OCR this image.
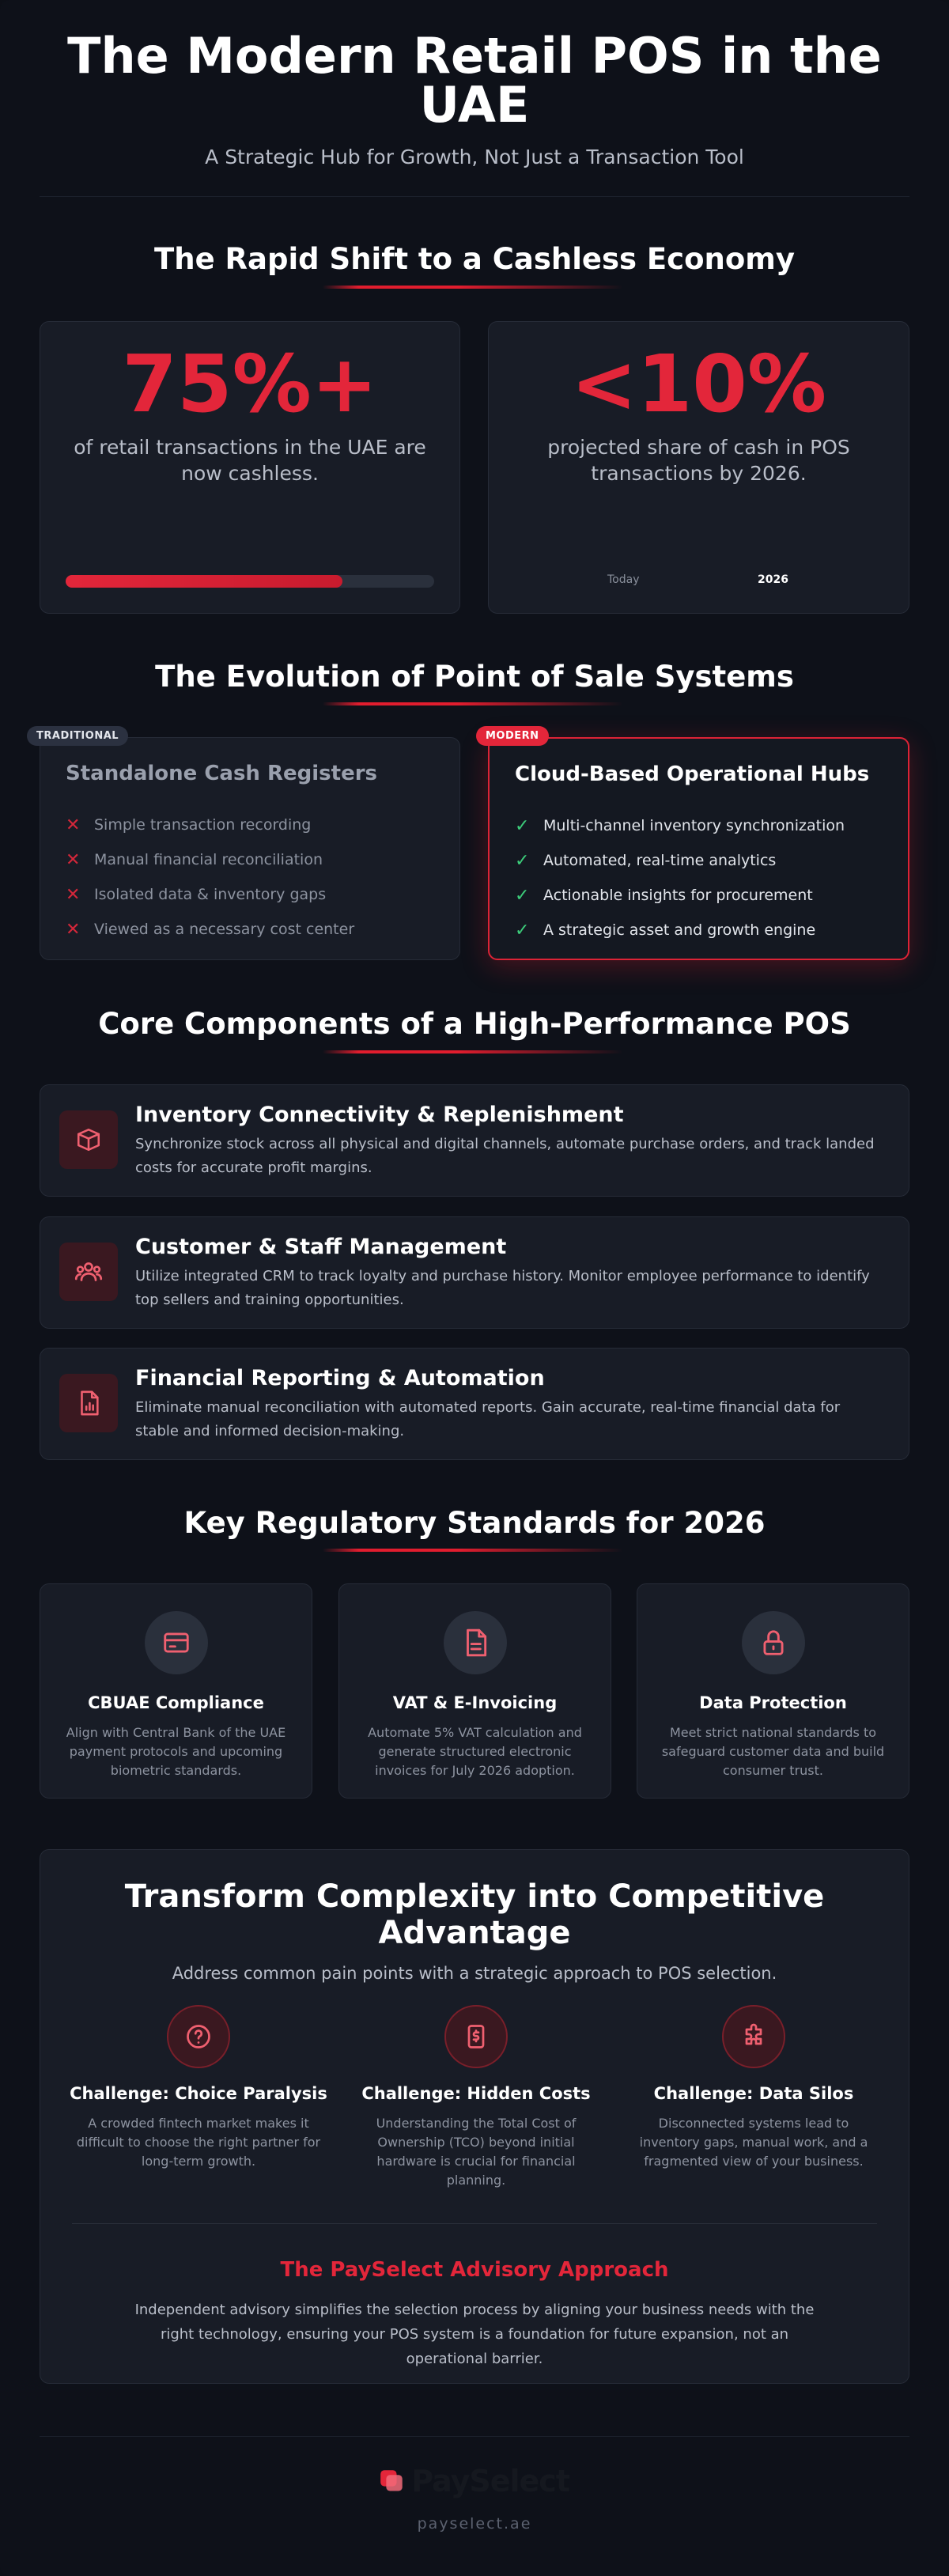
The Modern Retail POS in the UAE

A Strategic Hub for Growth, Not Just a Transaction Tool

The Rapid Shift to a Cashless Economy
75%+
of retail transactions in the UAE are now cashless.
<10%
projected share of cash in POS transactions by 2026.
Today	2026
The Evolution of Point of Sale Systems
Standalone Cash Registers
✕ Simple transaction recording
✕ Manual financial reconciliation
✕ Isolated data & inventory gaps
✕ Viewed as a necessary cost center
TRADITIONAL
Cloud-Based Operational Hubs
✓ Multi-channel inventory synchronization
✓ Automated, real-time analytics
✓ Actionable insights for procurement
✓ A strategic asset and growth engine
MODERN
Core Components of a High-Performance POS
Inventory Connectivity & Replenishment
Synchronize stock across all physical and digital channels, automate purchase orders, and track landed costs for accurate profit margins.
Customer & Staff Management
Utilize integrated CRM to track loyalty and purchase history. Monitor employee performance to identify top sellers and training opportunities.
Financial Reporting & Automation
Eliminate manual reconciliation with automated reports. Gain accurate, real-time financial data for stable and informed decision-making.
Key Regulatory Standards for 2026
CBUAE Compliance
Align with Central Bank of the UAE payment protocols and upcoming biometric standards.
VAT & E-Invoicing
Automate 5% VAT calculation and generate structured electronic invoices for July 2026 adoption.
Data Protection
Meet strict national standards to safeguard customer data and build consumer trust.
Transform Complexity into Competitive Advantage
Address common pain points with a strategic approach to POS selection.
Challenge: Choice Paralysis
A crowded fintech market makes it difficult to choose the right partner for long-term growth.
Challenge: Hidden Costs
Understanding the Total Cost of Ownership (TCO) beyond initial hardware is crucial for financial planning.
Challenge: Data Silos
Disconnected systems lead to inventory gaps, manual work, and a fragmented view of your business.
The PaySelect Advisory Approach
Independent advisory simplifies the selection process by aligning your business needs with the right technology, ensuring your POS system is a foundation for future expansion, not an operational barrier.
PaySelect
payselect.ae
